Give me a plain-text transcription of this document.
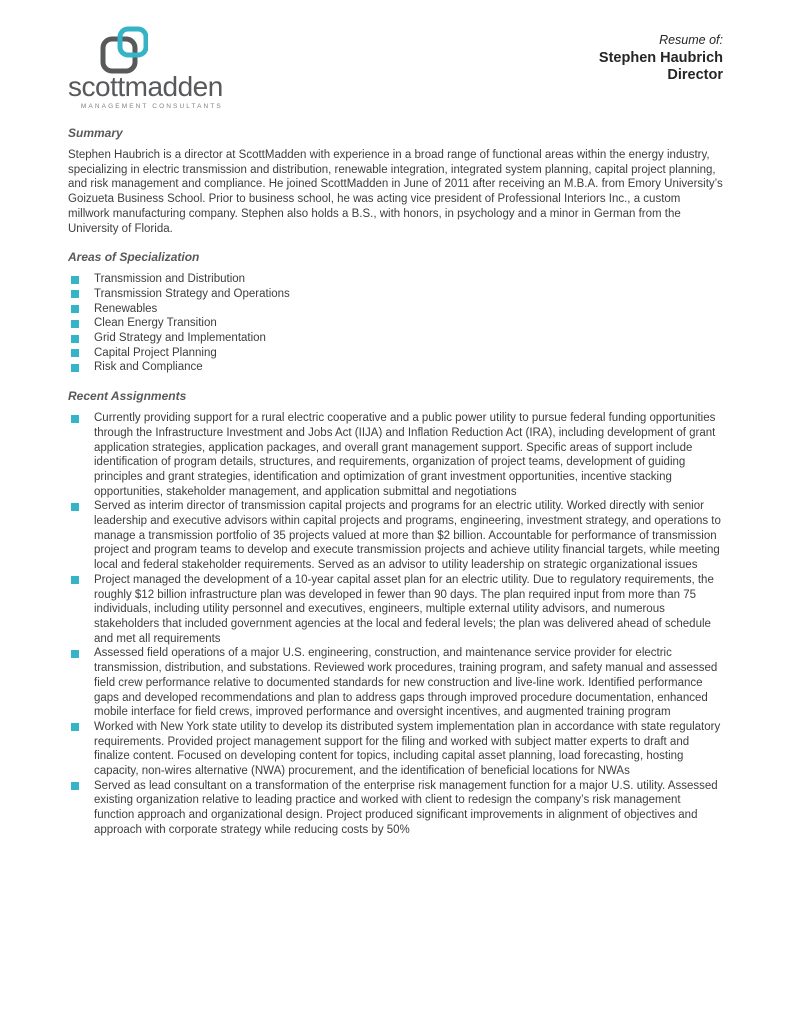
scottmadden
MANAGEMENT CONSULTANTS
Resume of:
Stephen Haubrich
Director
Summary

Stephen Haubrich is a director at ScottMadden with experience in a broad range of functional areas within the energy industry, specializing in electric transmission and distribution, renewable integration, integrated system planning, capital project planning, and risk management and compliance. He joined ScottMadden in June of 2011 after receiving an M.B.A. from Emory University’s Goizueta Business School. Prior to business school, he was acting vice president of Professional Interiors Inc., a custom millwork manufacturing company. Stephen also holds a B.S., with honors, in psychology and a minor in German from the University of Florida.

Areas of Specialization
Transmission and Distribution
Transmission Strategy and Operations
Renewables
Clean Energy Transition
Grid Strategy and Implementation
Capital Project Planning
Risk and Compliance
Recent Assignments
Currently providing support for a rural electric cooperative and a public power utility to pursue federal funding opportunities through the Infrastructure Investment and Jobs Act (IIJA) and Inflation Reduction Act (IRA), including development of grant application strategies, application packages, and overall grant management support. Specific areas of support include identification of program details, structures, and requirements, organization of project teams, development of guiding principles and grant strategies, identification and optimization of grant investment opportunities, incentive stacking opportunities, stakeholder management, and application submittal and negotiations
Served as interim director of transmission capital projects and programs for an electric utility. Worked directly with senior leadership and executive advisors within capital projects and programs, engineering, investment strategy, and operations to manage a transmission portfolio of 35 projects valued at more than $2 billion. Accountable for performance of transmission project and program teams to develop and execute transmission projects and achieve utility financial targets, while meeting local and federal stakeholder requirements. Served as an advisor to utility leadership on strategic organizational issues
Project managed the development of a 10-year capital asset plan for an electric utility. Due to regulatory requirements, the roughly $12 billion infrastructure plan was developed in fewer than 90 days. The plan required input from more than 75 individuals, including utility personnel and executives, engineers, multiple external utility advisors, and numerous stakeholders that included government agencies at the local and federal levels; the plan was delivered ahead of schedule and met all requirements
Assessed field operations of a major U.S. engineering, construction, and maintenance service provider for electric transmission, distribution, and substations. Reviewed work procedures, training program, and safety manual and assessed field crew performance relative to documented standards for new construction and live-line work. Identified performance gaps and developed recommendations and plan to address gaps through improved procedure documentation, enhanced mobile interface for field crews, improved performance and oversight incentives, and augmented training program
Worked with New York state utility to develop its distributed system implementation plan in accordance with state regulatory requirements. Provided project management support for the filing and worked with subject matter experts to draft and finalize content. Focused on developing content for topics, including capital asset planning, load forecasting, hosting capacity, non-wires alternative (NWA) procurement, and the identification of beneficial locations for NWAs
Served as lead consultant on a transformation of the enterprise risk management function for a major U.S. utility. Assessed existing organization relative to leading practice and worked with client to redesign the company’s risk management function approach and organizational design. Project produced significant improvements in alignment of objectives and approach with corporate strategy while reducing costs by 50%
